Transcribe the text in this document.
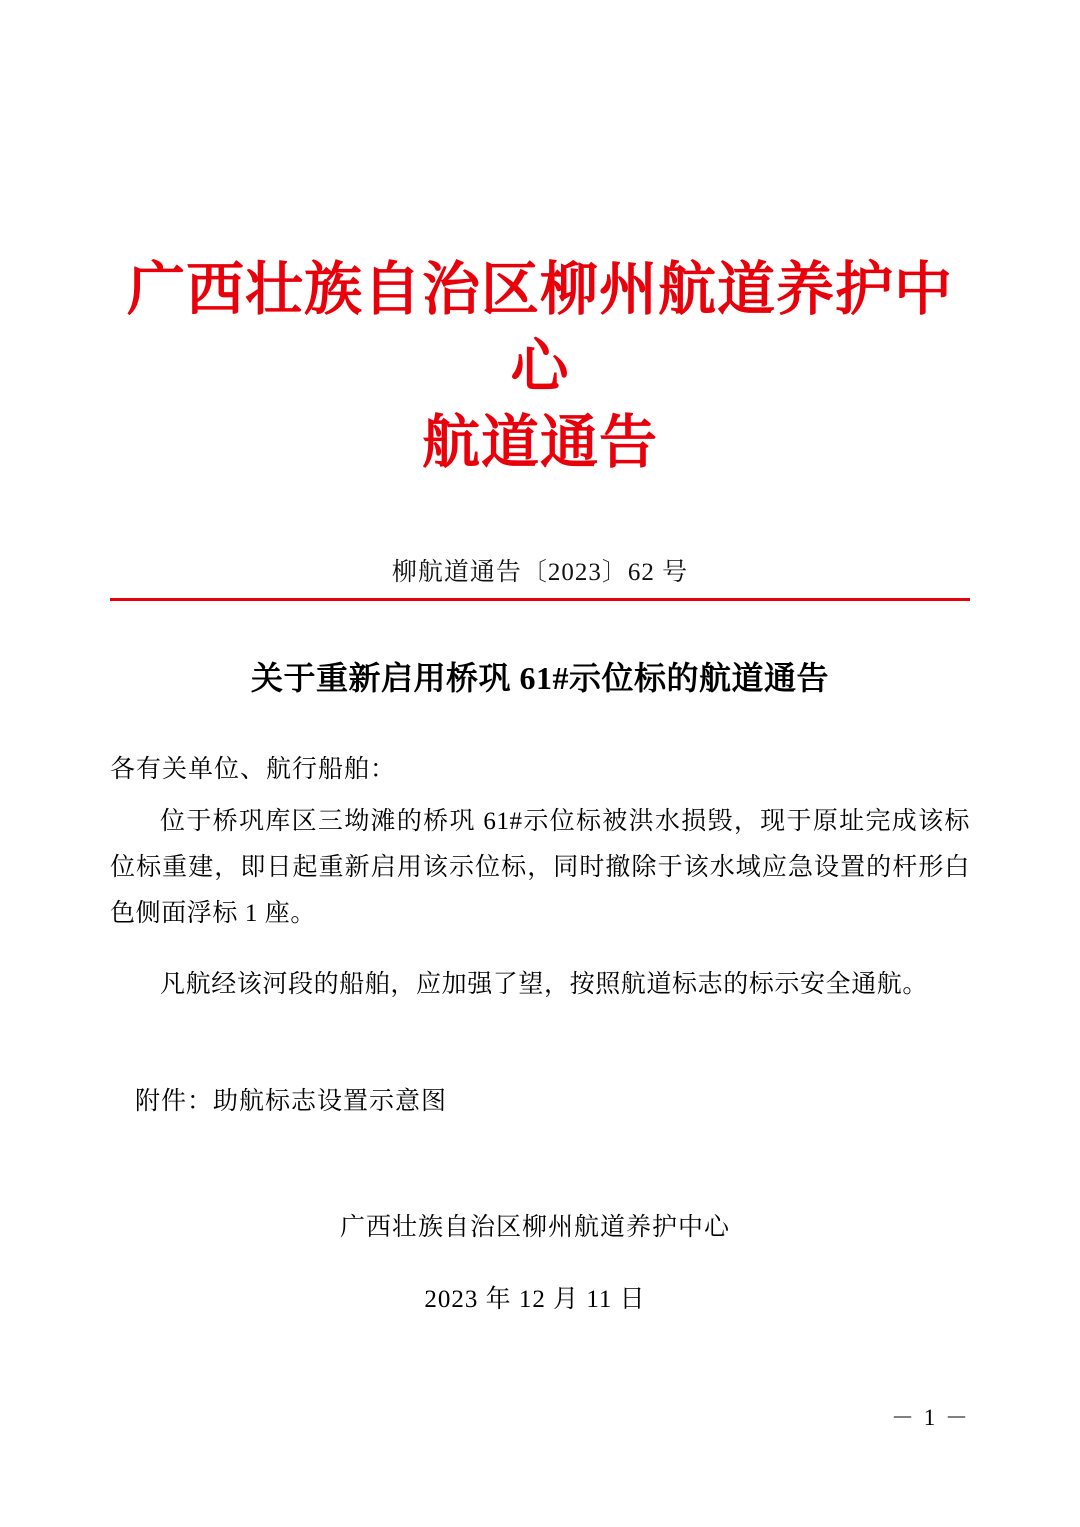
广西壮族自治区柳州航道养护中心
航道通告
柳航道通告〔2023〕62 号
关于重新启用桥巩 61#示位标的航道通告
各有关单位、航行船舶：

位于桥巩库区三坳滩的桥巩 61#示位标被洪水损毁，现于原址完成该标位标重建，即日起重新启用该示位标，同时撤除于该水域应急设置的杆形白色侧面浮标 1 座。

凡航经该河段的船舶，应加强了望，按照航道标志的标示安全通航。

附件：助航标志设置示意图
广西壮族自治区柳州航道养护中心
2023 年 12 月 11 日
－ 1 －
